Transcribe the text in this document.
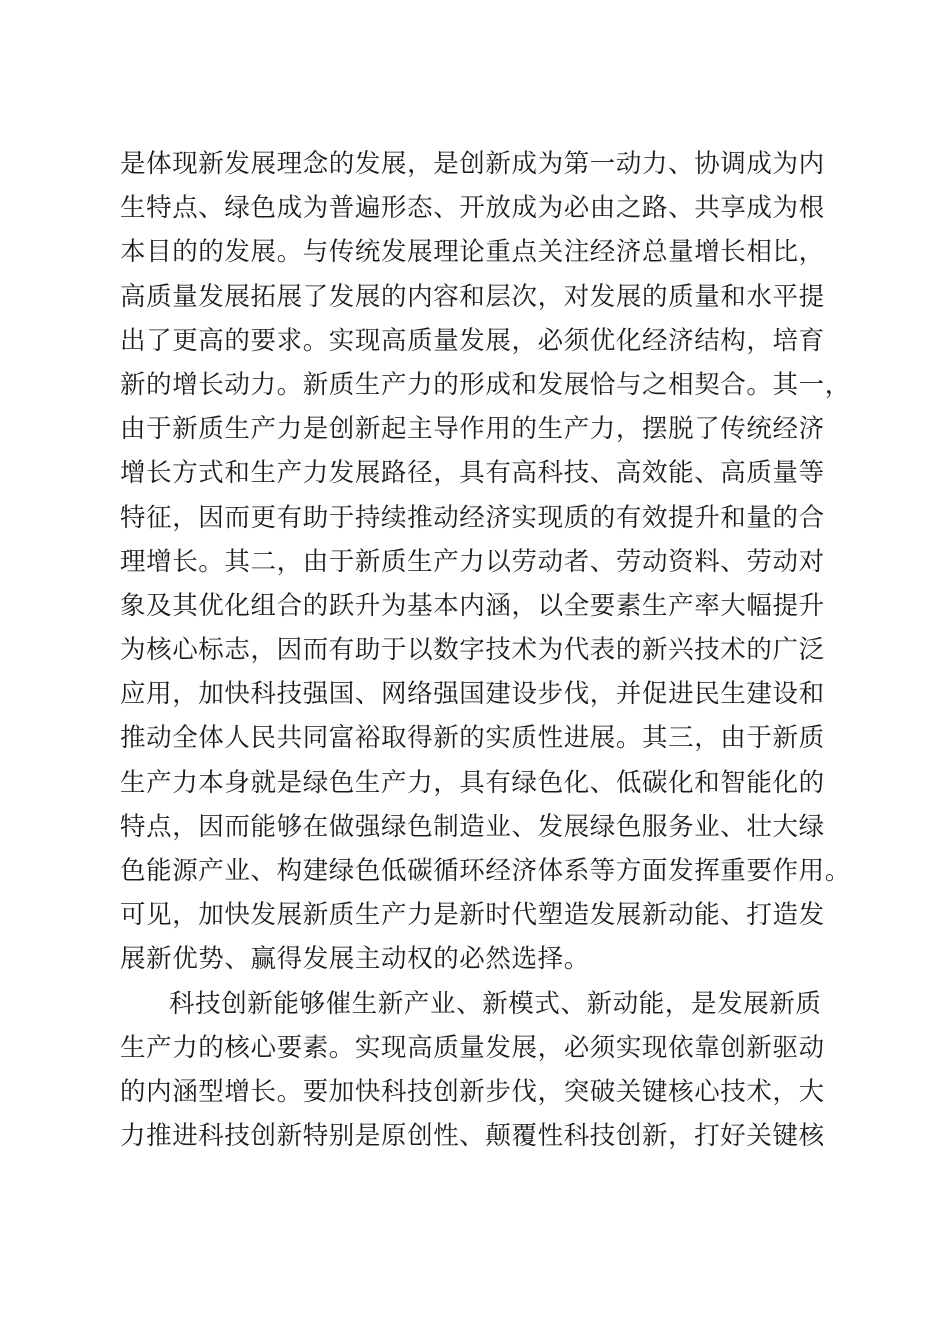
是体现新发展理念的发展，是创新成为第一动力、协调成为内
生特点、绿色成为普遍形态、开放成为必由之路、共享成为根
本目的的发展。与传统发展理论重点关注经济总量增长相比，
高质量发展拓展了发展的内容和层次，对发展的质量和水平提
出了更高的要求。实现高质量发展，必须优化经济结构，培育
新的增长动力。新质生产力的形成和发展恰与之相契合。其一，
由于新质生产力是创新起主导作用的生产力，摆脱了传统经济
增长方式和生产力发展路径，具有高科技、高效能、高质量等
特征，因而更有助于持续推动经济实现质的有效提升和量的合
理增长。其二，由于新质生产力以劳动者、劳动资料、劳动对
象及其优化组合的跃升为基本内涵，以全要素生产率大幅提升
为核心标志，因而有助于以数字技术为代表的新兴技术的广泛
应用，加快科技强国、网络强国建设步伐，并促进民生建设和
推动全体人民共同富裕取得新的实质性进展。其三，由于新质
生产力本身就是绿色生产力，具有绿色化、低碳化和智能化的
特点，因而能够在做强绿色制造业、发展绿色服务业、壮大绿
色能源产业、构建绿色低碳循环经济体系等方面发挥重要作用。
可见，加快发展新质生产力是新时代塑造发展新动能、打造发
展新优势、赢得发展主动权的必然选择。
科技创新能够催生新产业、新模式、新动能，是发展新质
生产力的核心要素。实现高质量发展，必须实现依靠创新驱动
的内涵型增长。要加快科技创新步伐，突破关键核心技术，大
力推进科技创新特别是原创性、颠覆性科技创新，打好关键核
